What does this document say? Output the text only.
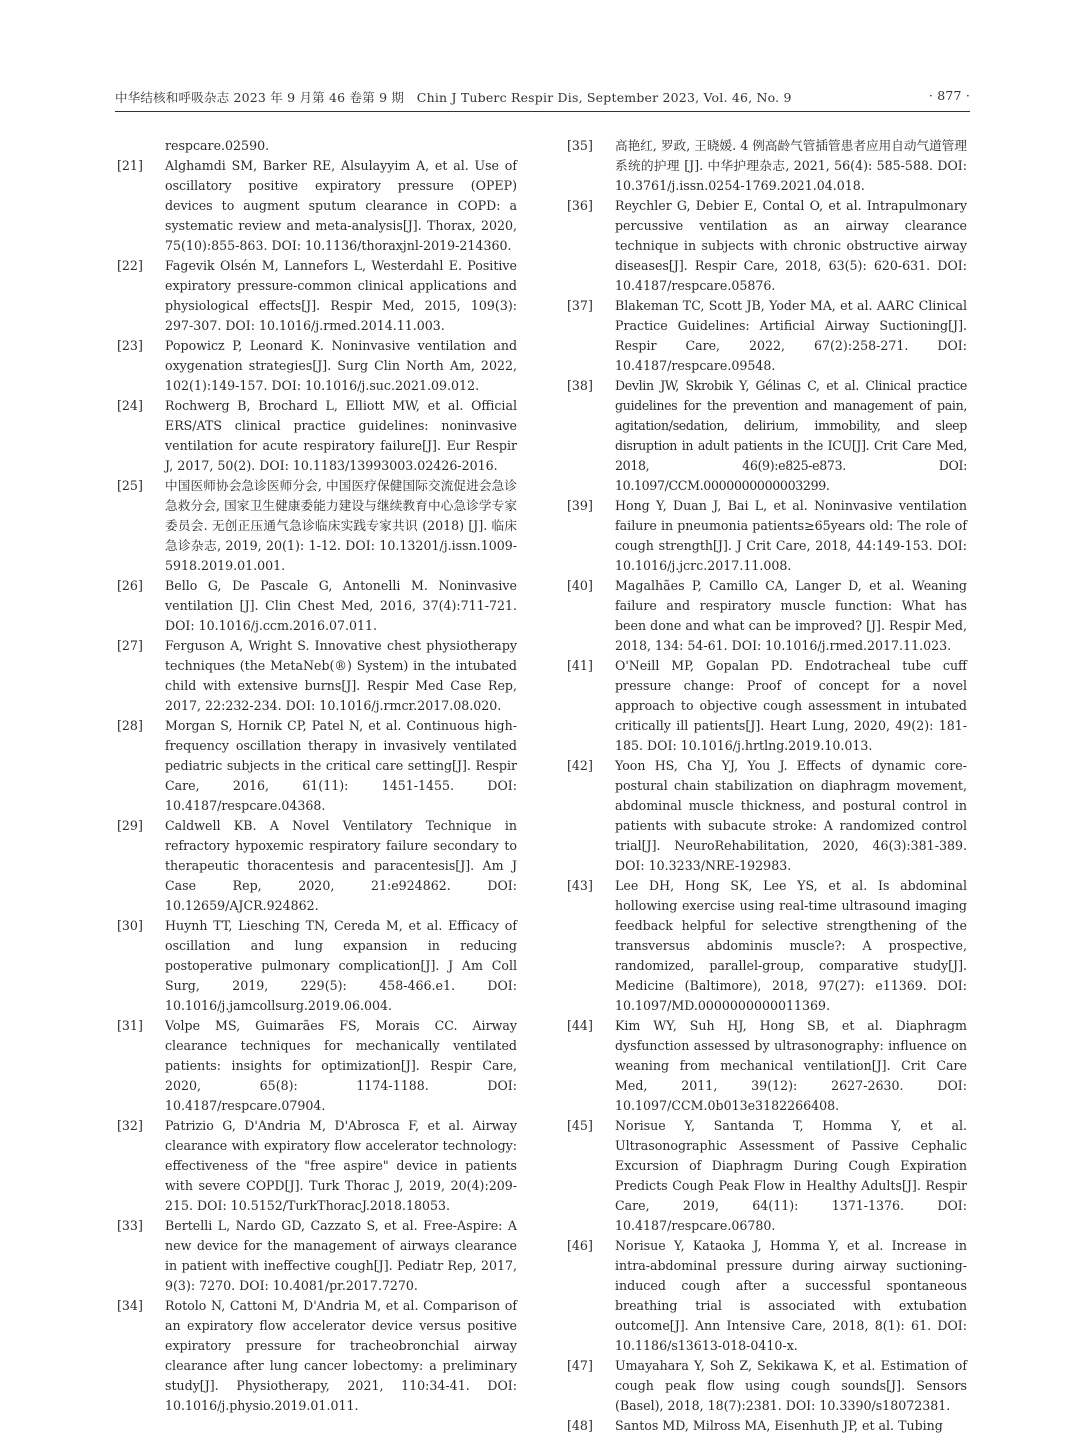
中华结核和呼吸杂志 2023 年 9 月第 46 卷第 9 期　Chin J Tuberc Respir Dis, September 2023, Vol. 46, No. 9	· 877 ·
respcare.02590.
[21]	Alghamdi SM, Barker RE, Alsulayyim A, et al. Use of oscillatory positive expiratory pressure (OPEP) devices to augment sputum clearance in COPD: a systematic review and meta-analysis[J]. Thorax, 2020, 75(10):855-863. DOI: 10.1136/thoraxjnl-2019-214360.
[22]	Fagevik Olsén M, Lannefors L, Westerdahl E. Positive expiratory pressure-common clinical applications and physiological effects[J]. Respir Med, 2015, 109(3): 297-307. DOI: 10.1016/j.rmed.2014.11.003.
[23]	Popowicz P, Leonard K. Noninvasive ventilation and oxygenation strategies[J]. Surg Clin North Am, 2022, 102(1):149-157. DOI: 10.1016/j.suc.2021.09.012.
[24]	Rochwerg B, Brochard L, Elliott MW, et al. Official ERS/ATS clinical practice guidelines: noninvasive ventilation for acute respiratory failure[J]. Eur Respir J, 2017, 50(2). DOI: 10.1183/13993003.02426-2016.
[25]	中国医师协会急诊医师分会, 中国医疗保健国际交流促进会急诊急救分会, 国家卫生健康委能力建设与继续教育中心急诊学专家委员会. 无创正压通气急诊临床实践专家共识 (2018) [J]. 临床急诊杂志, 2019, 20(1): 1-12. DOI: 10.13201/j.issn.1009-5918.2019.01.001.
[26]	Bello G, De Pascale G, Antonelli M. Noninvasive ventilation [J]. Clin Chest Med, 2016, 37(4):711-721. DOI: 10.1016/j.ccm.2016.07.011.
[27]	Ferguson A, Wright S. Innovative chest physiotherapy techniques (the MetaNeb(®) System) in the intubated child with extensive burns[J]. Respir Med Case Rep, 2017, 22:232-234. DOI: 10.1016/j.rmcr.2017.08.020.
[28]	Morgan S, Hornik CP, Patel N, et al. Continuous high-frequency oscillation therapy in invasively ventilated pediatric subjects in the critical care setting[J]. Respir Care, 2016, 61(11): 1451-1455. DOI: 10.4187/respcare.04368.
[29]	Caldwell KB. A Novel Ventilatory Technique in refractory hypoxemic respiratory failure secondary to therapeutic thoracentesis and paracentesis[J]. Am J Case Rep, 2020, 21:e924862. DOI: 10.12659/AJCR.924862.
[30]	Huynh TT, Liesching TN, Cereda M, et al. Efficacy of oscillation and lung expansion in reducing postoperative pulmonary complication[J]. J Am Coll Surg, 2019, 229(5): 458-466.e1. DOI: 10.1016/j.jamcollsurg.2019.06.004.
[31]	Volpe MS, Guimarães FS, Morais CC. Airway clearance techniques for mechanically ventilated patients: insights for optimization[J]. Respir Care, 2020, 65(8): 1174-1188. DOI: 10.4187/respcare.07904.
[32]	Patrizio G, D'Andria M, D'Abrosca F, et al. Airway clearance with expiratory flow accelerator technology: effectiveness of the "free aspire" device in patients with severe COPD[J]. Turk Thorac J, 2019, 20(4):209-215. DOI: 10.5152/TurkThoracJ.2018.18053.
[33]	Bertelli L, Nardo GD, Cazzato S, et al. Free-Aspire: A new device for the management of airways clearance in patient with ineffective cough[J]. Pediatr Rep, 2017, 9(3): 7270. DOI: 10.4081/pr.2017.7270.
[34]	Rotolo N, Cattoni M, D'Andria M, et al. Comparison of an expiratory flow accelerator device versus positive expiratory pressure for tracheobronchial airway clearance after lung cancer lobectomy: a preliminary study[J]. Physiotherapy, 2021, 110:34-41. DOI: 10.1016/j.physio.2019.01.011.
[35]	高艳红, 罗政, 王晓媛. 4 例高龄气管插管患者应用自动气道管理系统的护理 [J]. 中华护理杂志, 2021, 56(4): 585-588. DOI: 10.3761/j.issn.0254-1769.2021.04.018.
[36]	Reychler G, Debier E, Contal O, et al. Intrapulmonary percussive ventilation as an airway clearance technique in subjects with chronic obstructive airway diseases[J]. Respir Care, 2018, 63(5): 620-631. DOI: 10.4187/respcare.05876.
[37]	Blakeman TC, Scott JB, Yoder MA, et al. AARC Clinical Practice Guidelines: Artificial Airway Suctioning[J]. Respir Care, 2022, 67(2):258-271. DOI: 10.4187/respcare.09548.
[38]	Devlin JW, Skrobik Y, Gélinas C, et al. Clinical practice guidelines for the prevention and management of pain, agitation/sedation, delirium, immobility, and sleep disruption in adult patients in the ICU[J]. Crit Care Med, 2018, 46(9):e825-e873. DOI: 10.1097/CCM.0000000000003299.
[39]	Hong Y, Duan J, Bai L, et al. Noninvasive ventilation failure in pneumonia patients≥65years old: The role of cough strength[J]. J Crit Care, 2018, 44:149-153. DOI: 10.1016/j.jcrc.2017.11.008.
[40]	Magalhães P, Camillo CA, Langer D, et al. Weaning failure and respiratory muscle function: What has been done and what can be improved? [J]. Respir Med, 2018, 134: 54-61. DOI: 10.1016/j.rmed.2017.11.023.
[41]	O'Neill MP, Gopalan PD. Endotracheal tube cuff pressure change: Proof of concept for a novel approach to objective cough assessment in intubated critically ill patients[J]. Heart Lung, 2020, 49(2): 181-185. DOI: 10.1016/j.hrtlng.2019.10.013.
[42]	Yoon HS, Cha YJ, You J. Effects of dynamic core-postural chain stabilization on diaphragm movement, abdominal muscle thickness, and postural control in patients with subacute stroke: A randomized control trial[J]. NeuroRehabilitation, 2020, 46(3):381-389. DOI: 10.3233/NRE-192983.
[43]	Lee DH, Hong SK, Lee YS, et al. Is abdominal hollowing exercise using real-time ultrasound imaging feedback helpful for selective strengthening of the transversus abdominis muscle?: A prospective, randomized, parallel-group, comparative study[J]. Medicine (Baltimore), 2018, 97(27): e11369. DOI: 10.1097/MD.0000000000011369.
[44]	Kim WY, Suh HJ, Hong SB, et al. Diaphragm dysfunction assessed by ultrasonography: influence on weaning from mechanical ventilation[J]. Crit Care Med, 2011, 39(12): 2627-2630. DOI: 10.1097/CCM.0b013e3182266408.
[45]	Norisue Y, Santanda T, Homma Y, et al. Ultrasonographic Assessment of Passive Cephalic Excursion of Diaphragm During Cough Expiration Predicts Cough Peak Flow in Healthy Adults[J]. Respir Care, 2019, 64(11): 1371-1376. DOI: 10.4187/respcare.06780.
[46]	Norisue Y, Kataoka J, Homma Y, et al. Increase in intra-abdominal pressure during airway suctioning-induced cough after a successful spontaneous breathing trial is associated with extubation outcome[J]. Ann Intensive Care, 2018, 8(1): 61. DOI: 10.1186/s13613-018-0410-x.
[47]	Umayahara Y, Soh Z, Sekikawa K, et al. Estimation of cough peak flow using cough sounds[J]. Sensors (Basel), 2018, 18(7):2381. DOI: 10.3390/s18072381.
[48]	Santos MD, Milross MA, Eisenhuth JP, et al. Tubing
